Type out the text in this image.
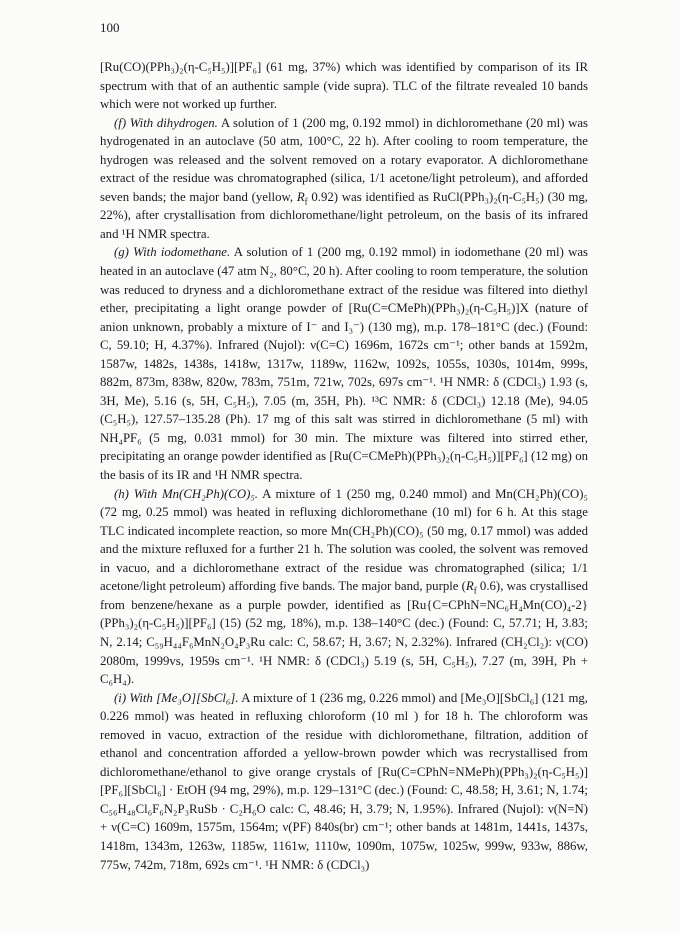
100

[Ru(CO)(PPh₃)₂(η-C₅H₅)][PF₆] (61 mg, 37%) which was identified by comparison of its IR spectrum with that of an authentic sample (vide supra). TLC of the filtrate revealed 10 bands which were not worked up further.

(f) With dihydrogen. A solution of 1 (200 mg, 0.192 mmol) in dichloromethane (20 ml) was hydrogenated in an autoclave (50 atm, 100°C, 22 h). After cooling to room temperature, the hydrogen was released and the solvent removed on a rotary evaporator. A dichloromethane extract of the residue was chromatographed (silica, 1/1 acetone/light petroleum), and afforded seven bands; the major band (yellow, $R_f$ 0.92) was identified as RuCl(PPh₃)₂(η-C₅H₅) (30 mg, 22%), after crystallisation from dichloromethane/light petroleum, on the basis of its infrared and ¹H NMR spectra.

(g) With iodomethane. A solution of 1 (200 mg, 0.192 mmol) in iodomethane (20 ml) was heated in an autoclave (47 atm N₂, 80°C, 20 h). After cooling to room temperature, the solution was reduced to dryness and a dichloromethane extract of the residue was filtered into diethyl ether, precipitating a light orange powder of [Ru(C=CMePh)(PPh₃)₂(η-C₅H₅)]X (nature of anion unknown, probably a mixture of I⁻ and I₃⁻) (130 mg), m.p. 178–181°C (dec.) (Found: C, 59.10; H, 4.37%). Infrared (Nujol): ν(C=C) 1696m, 1672s cm⁻¹; other bands at 1592m, 1587w, 1482s, 1438s, 1418w, 1317w, 1189w, 1162w, 1092s, 1055s, 1030s, 1014m, 999s, 882m, 873m, 838w, 820w, 783m, 751m, 721w, 702s, 697s cm⁻¹. ¹H NMR: δ (CDCl₃) 1.93 (s, 3H, Me), 5.16 (s, 5H, C₅H₅), 7.05 (m, 35H, Ph). ¹³C NMR: δ (CDCl₃) 12.18 (Me), 94.05 (C₅H₅), 127.57–135.28 (Ph). 17 mg of this salt was stirred in dichloromethane (5 ml) with NH₄PF₆ (5 mg, 0.031 mmol) for 30 min. The mixture was filtered into stirred ether, precipitating an orange powder identified as [Ru(C=CMePh)(PPh₃)₂(η-C₅H₅)][PF₆] (12 mg) on the basis of its IR and ¹H NMR spectra.

(h) With Mn(CH₂Ph)(CO)₅. A mixture of 1 (250 mg, 0.240 mmol) and Mn(CH₂Ph)(CO)₅ (72 mg, 0.25 mmol) was heated in refluxing dichloromethane (10 ml) for 6 h. At this stage TLC indicated incomplete reaction, so more Mn(CH₂Ph)(CO)₅ (50 mg, 0.17 mmol) was added and the mixture refluxed for a further 21 h. The solution was cooled, the solvent was removed in vacuo, and a dichloromethane extract of the residue was chromatographed (silica; 1/1 acetone/light petroleum) affording five bands. The major band, purple ($R_f$ 0.6), was crystallised from benzene/hexane as a purple powder, identified as [Ru{C=CPhN=NC₆H₄Mn(CO)₄-2}(PPh₃)₂(η-C₅H₅)][PF₆] (15) (52 mg, 18%), m.p. 138–140°C (dec.) (Found: C, 57.71; H, 3.83; N, 2.14; C₅₉H₄₄F₆MnN₂O₄P₃Ru calc: C, 58.67; H, 3.67; N, 2.32%). Infrared (CH₂Cl₂): ν(CO) 2080m, 1999vs, 1959s cm⁻¹. ¹H NMR: δ (CDCl₃) 5.19 (s, 5H, C₅H₅), 7.27 (m, 39H, Ph + C₆H₄).

(i) With [Me₃O][SbCl₆]. A mixture of 1 (236 mg, 0.226 mmol) and [Me₃O][SbCl₆] (121 mg, 0.226 mmol) was heated in refluxing chloroform (10 ml ) for 18 h. The chloroform was removed in vacuo, extraction of the residue with dichloromethane, filtration, addition of ethanol and concentration afforded a yellow-brown powder which was recrystallised from dichloromethane/ethanol to give orange crystals of [Ru(C=CPhN=NMePh)(PPh₃)₂(η-C₅H₅)][PF₆][SbCl₆] · EtOH (94 mg, 29%), m.p. 129–131°C (dec.) (Found: C, 48.58; H, 3.61; N, 1.74; C₅₆H₄₈Cl₆F₆N₂P₃RuSb · C₂H₆O calc: C, 48.46; H, 3.79; N, 1.95%). Infrared (Nujol): ν(N=N) + ν(C=C) 1609m, 1575m, 1564m; ν(PF) 840s(br) cm⁻¹; other bands at 1481m, 1441s, 1437s, 1418m, 1343m, 1263w, 1185w, 1161w, 1110w, 1090m, 1075w, 1025w, 999w, 933w, 886w, 775w, 742m, 718m, 692s cm⁻¹. ¹H NMR: δ (CDCl₃)
